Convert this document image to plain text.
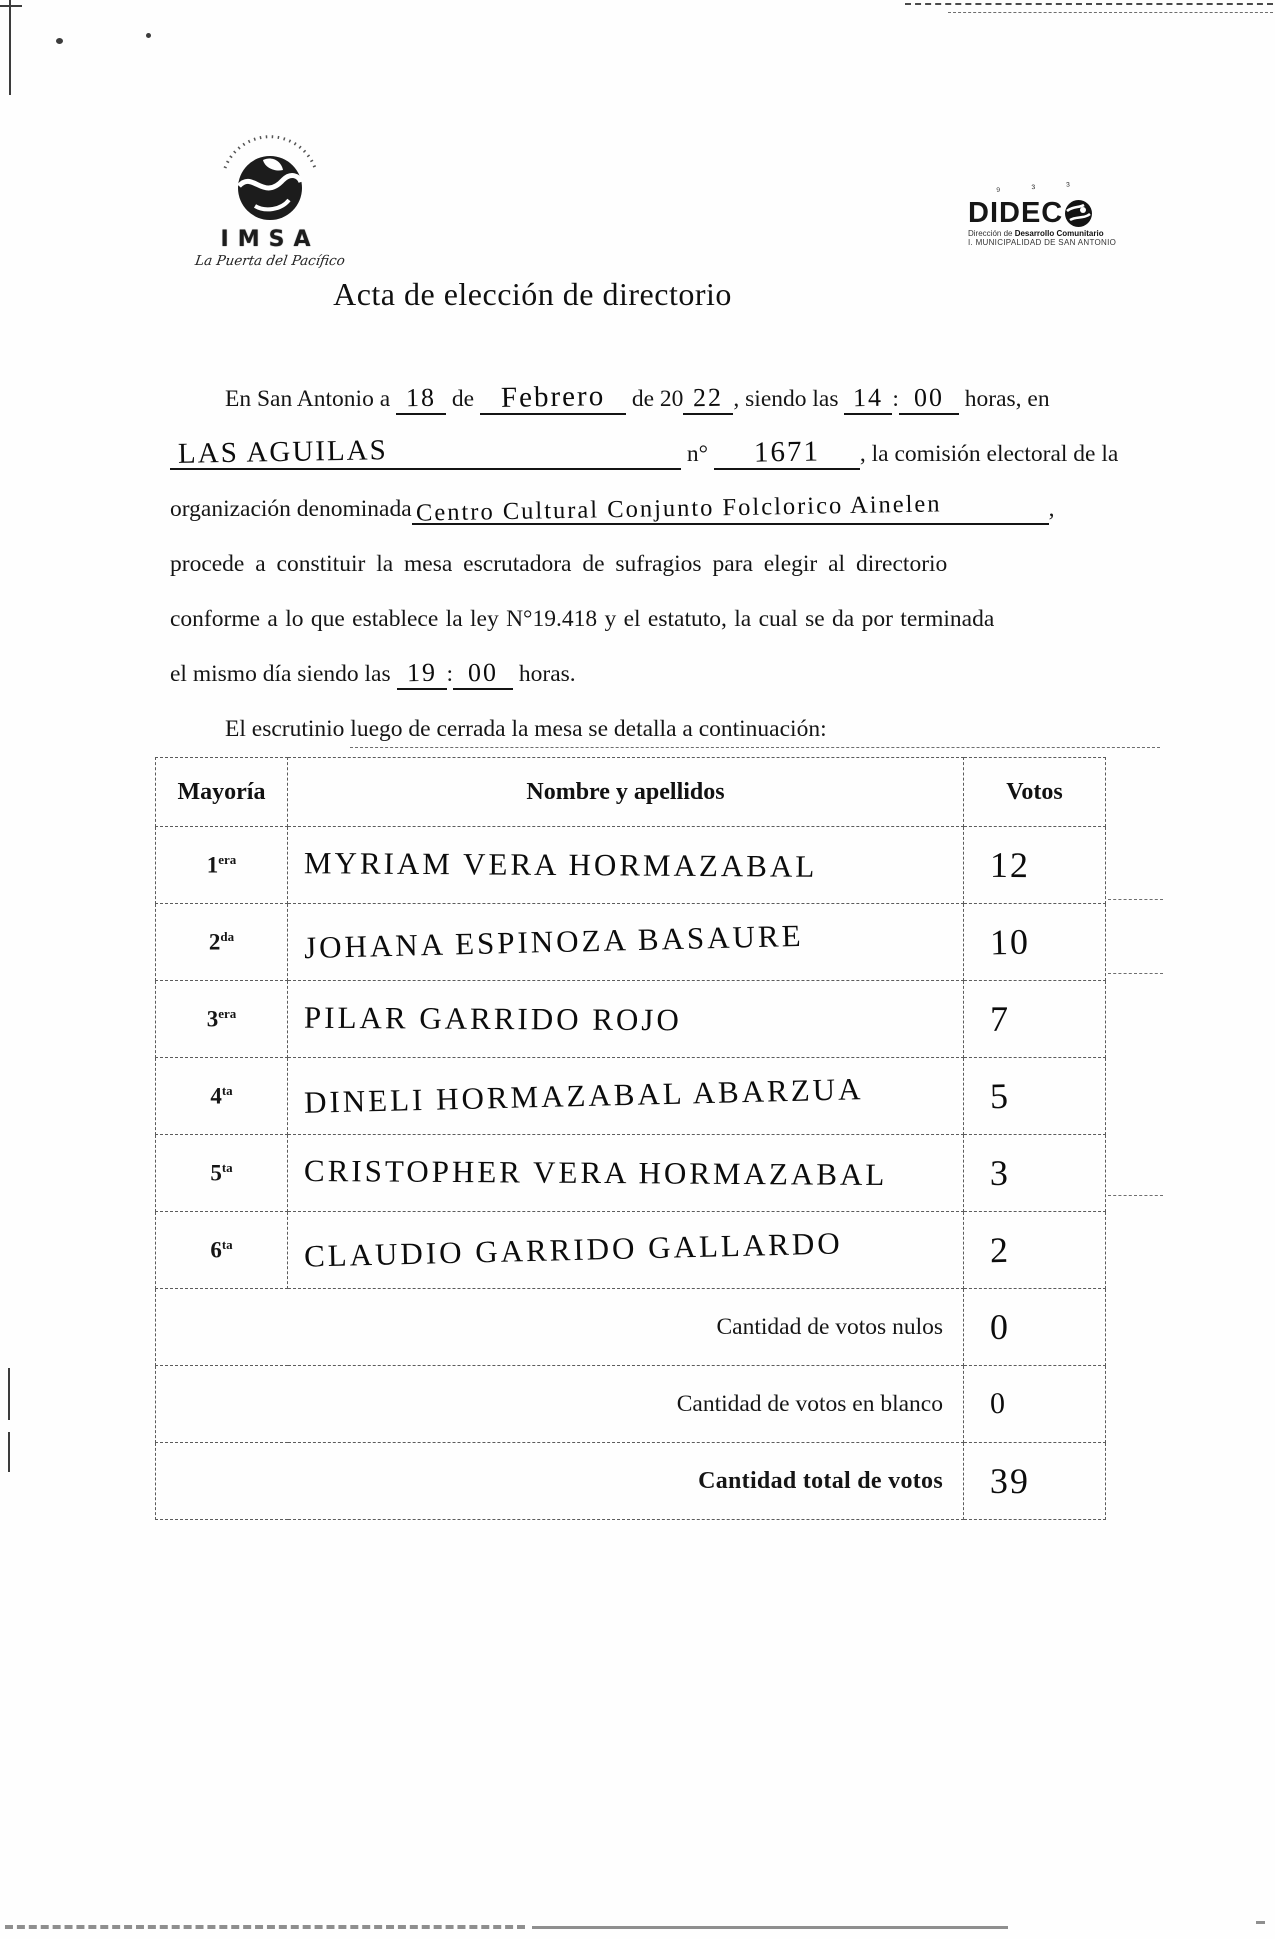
IMSA
La Puerta del Pacífico
⁹ ³ ³
DIDEC
Dirección de Desarrollo Comunitario
I. MUNICIPALIDAD DE SAN ANTONIO
Acta de elección de directorio
En San Antonio a 18 de Febrero de 20 22 , siendo las 14 : 00 horas, en
LAS AGUILAS	n° 1671 , la comisión electoral de la
organización denominada Centro Cultural Conjunto Folclorico Ainelen	,
procede a constituir la mesa escrutadora de sufragios para elegir al directorio
conforme a lo que establece la ley N°19.418 y el estatuto, la cual se da por terminada
el mismo día siendo las 19 : 00 horas.
El escrutinio luego de cerrada la mesa se detalla a continuación:
Mayoría	Nombre y apellidos	Votos
$1^{era}$	MYRIAM VERA HORMAZABAL	12
$2^{da}$	JOHANA ESPINOZA BASAURE	10
$3^{era}$	PILAR GARRIDO ROJO	7
$4^{ta}$	DINELI HORMAZABAL ABARZUA	5
$5^{ta}$	CRISTOPHER VERA HORMAZABAL	3
$6^{ta}$	CLAUDIO GARRIDO GALLARDO	2
Cantidad de votos nulos		0
Cantidad de votos en blanco		0
Cantidad total de votos		39
